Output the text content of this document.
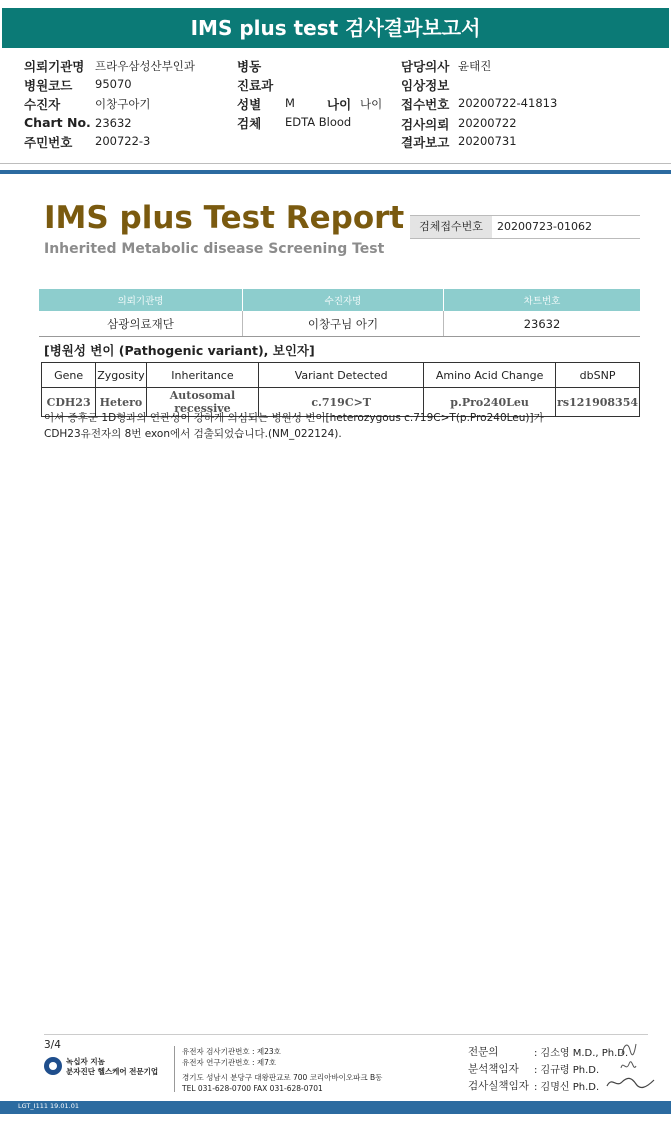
IMS plus test 검사결과보고서
의뢰기관명 프라우삼성산부인과
병원코드 95070
수진자	이창구아기
Chart No. 23632
주민번호 200722-3
병동
진료과
성별 M	나이 나이
검체 EDTA Blood
담당의사 윤태진
임상정보
접수번호 20200722-41813
검사의뢰 20200722
결과보고 20200731
IMS plus Test Report
Inherited Metabolic disease Screening Test
검체접수번호	20200723-01062
의뢰기관명	수진자명	차트번호
삼광의료재단	이창구님 아기	23632
[병원성 변이 (Pathogenic variant), 보인자]
Gene	Zygosity	Inheritance	Variant Detected	Amino Acid Change	dbSNP
CDH23	Hetero	Autosomal recessive	c.719C>T	p.Pro240Leu	rs121908354
어셔 증후군 1D형과의 연관성이 강하게 의심되는 병원성 변이[heterozygous c.719C>T(p.Pro240Leu)]가
CDH23유전자의 8번 exon에서 검출되었습니다.(NM_022124).
3/4
녹십자 지놈
분자진단 헬스케어 전문기업
유전자 검사기관번호 : 제23호
유전자 연구기관번호 : 제7호
경기도 성남시 분당구 대왕판교로 700 코리아바이오파크 B동
TEL 031-628-0700 FAX 031-628-0701
전문의	: 김소영 M.D., Ph.D.
분석책임자 : 김규령 Ph.D.
검사실책임자 : 김명신 Ph.D.
LGT_I111 19.01.01
